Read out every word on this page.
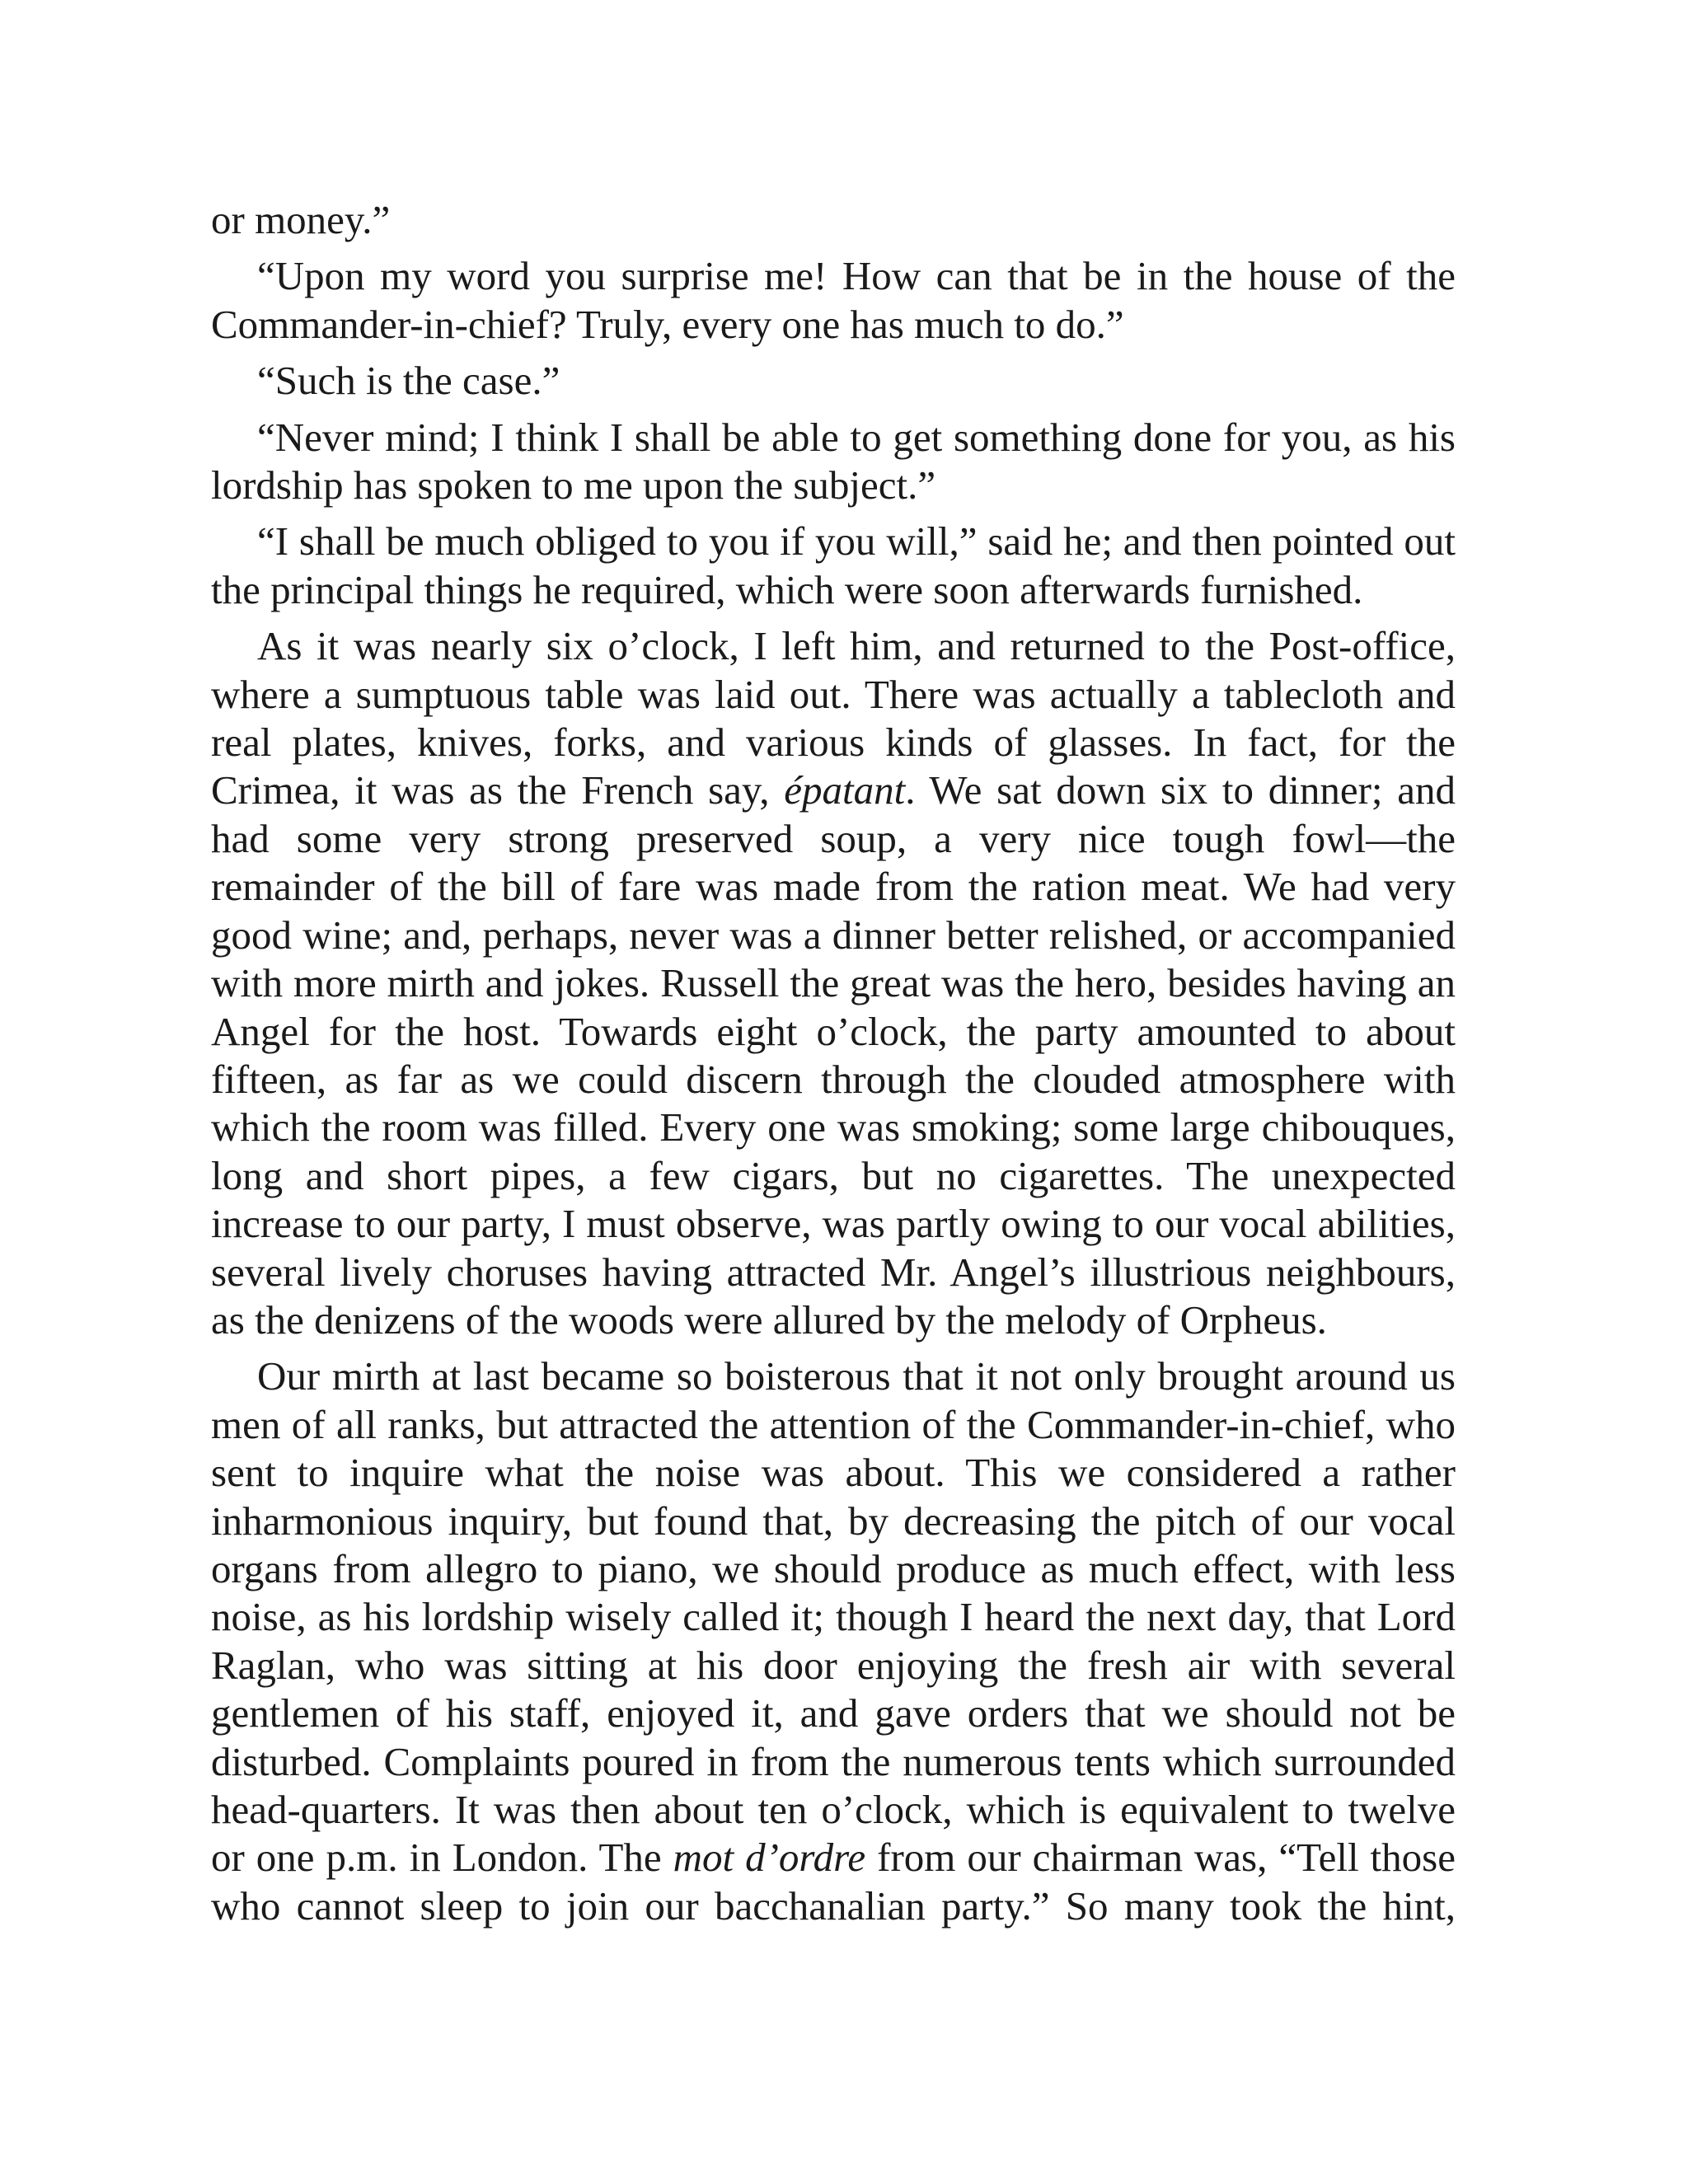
or money.”

“Upon my word you surprise me! How can that be in the house of the Commander-in-chief? Truly, every one has much to do.”

“Such is the case.”

“Never mind; I think I shall be able to get something done for you, as his lordship has spoken to me upon the subject.”

“I shall be much obliged to you if you will,” said he; and then pointed out the principal things he required, which were soon afterwards furnished.

As it was nearly six o’clock, I left him, and returned to the Post-office, where a sumptuous table was laid out. There was actually a tablecloth and real plates, knives, forks, and various kinds of glasses. In fact, for the Crimea, it was as the French say, épatant. We sat down six to dinner; and had some very strong preserved soup, a very nice tough fowl—the remainder of the bill of fare was made from the ration meat. We had very good wine; and, perhaps, never was a dinner better relished, or accompanied with more mirth and jokes. Russell the great was the hero, besides having an Angel for the host. Towards eight o’clock, the party amounted to about fifteen, as far as we could discern through the clouded atmosphere with which the room was filled. Every one was smoking; some large chibouques, long and short pipes, a few cigars, but no cigarettes. The unexpected increase to our party, I must observe, was partly owing to our vocal abilities, several lively choruses having attracted Mr. Angel’s illustrious neighbours, as the denizens of the woods were allured by the melody of Orpheus.

Our mirth at last became so boisterous that it not only brought around us men of all ranks, but attracted the attention of the Commander-in-chief, who sent to inquire what the noise was about. This we considered a rather inharmonious inquiry, but found that, by decreasing the pitch of our vocal organs from allegro to piano, we should produce as much effect, with less noise, as his lordship wisely called it; though I heard the next day, that Lord Raglan, who was sitting at his door enjoying the fresh air with several gentlemen of his staff, enjoyed it, and gave orders that we should not be disturbed. Complaints poured in from the numerous tents which surrounded head-quarters. It was then about ten o’clock, which is equivalent to twelve or one p.m. in London. The mot d’ordre from our chairman was, “Tell those who cannot sleep to join our bacchanalian party.” So many took the hint,
